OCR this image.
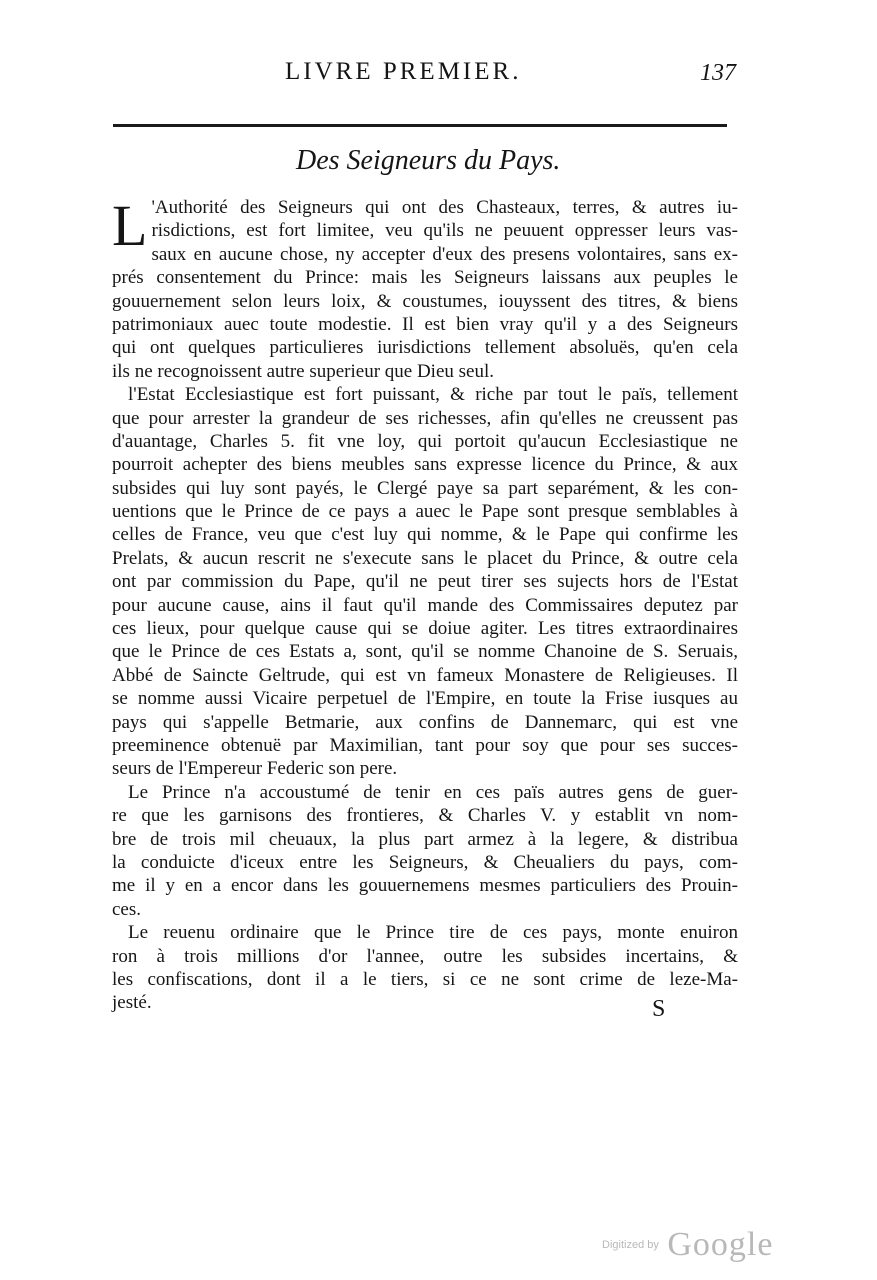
LIVRE PREMIER.	137
Des Seigneurs du Pays.
L 'Authorité des Seigneurs qui ont des Chasteaux, terres, & autres iu-
risdictions, est fort limitee, veu qu'ils ne peuuent oppresser leurs vas-
saux en aucune chose, ny accepter d'eux des presens volontaires, sans ex-
prés consentement du Prince: mais les Seigneurs laissans aux peuples le
gouuernement selon leurs loix, & coustumes, iouyssent des titres, & biens
patrimoniaux auec toute modestie. Il est bien vray qu'il y a des Seigneurs
qui ont quelques particulieres iurisdictions tellement absoluës, qu'en cela
ils ne recognoissent autre superieur que Dieu seul.
l'Estat Ecclesiastique est fort puissant, & riche par tout le païs, tellement
que pour arrester la grandeur de ses richesses, afin qu'elles ne creussent pas
d'auantage, Charles 5. fit vne loy, qui portoit qu'aucun Ecclesiastique ne
pourroit achepter des biens meubles sans expresse licence du Prince, & aux
subsides qui luy sont payés, le Clergé paye sa part separément, & les con-
uentions que le Prince de ce pays a auec le Pape sont presque semblables à
celles de France, veu que c'est luy qui nomme, & le Pape qui confirme les
Prelats, & aucun rescrit ne s'execute sans le placet du Prince, & outre cela
ont par commission du Pape, qu'il ne peut tirer ses sujects hors de l'Estat
pour aucune cause, ains il faut qu'il mande des Commissaires deputez par
ces lieux, pour quelque cause qui se doiue agiter. Les titres extraordinaires
que le Prince de ces Estats a, sont, qu'il se nomme Chanoine de S. Seruais,
Abbé de Saincte Geltrude, qui est vn fameux Monastere de Religieuses. Il
se nomme aussi Vicaire perpetuel de l'Empire, en toute la Frise iusques au
pays qui s'appelle Betmarie, aux confins de Dannemarc, qui est vne
preeminence obtenuë par Maximilian, tant pour soy que pour ses succes-
seurs de l'Empereur Federic son pere.
Le Prince n'a accoustumé de tenir en ces païs autres gens de guer-
re que les garnisons des frontieres, & Charles V. y establit vn nom-
bre de trois mil cheuaux, la plus part armez à la legere, & distribua
la conduicte d'iceux entre les Seigneurs, & Cheualiers du pays, com-
me il y en a encor dans les gouuernemens mesmes particuliers des Prouin-
ces.
Le reuenu ordinaire que le Prince tire de ces pays, monte enuiron
ron à trois millions d'or l'annee, outre les subsides incertains, &
les confiscations, dont il a le tiers, si ce ne sont crime de leze-Ma-
jesté.	S
Digitized by Google
